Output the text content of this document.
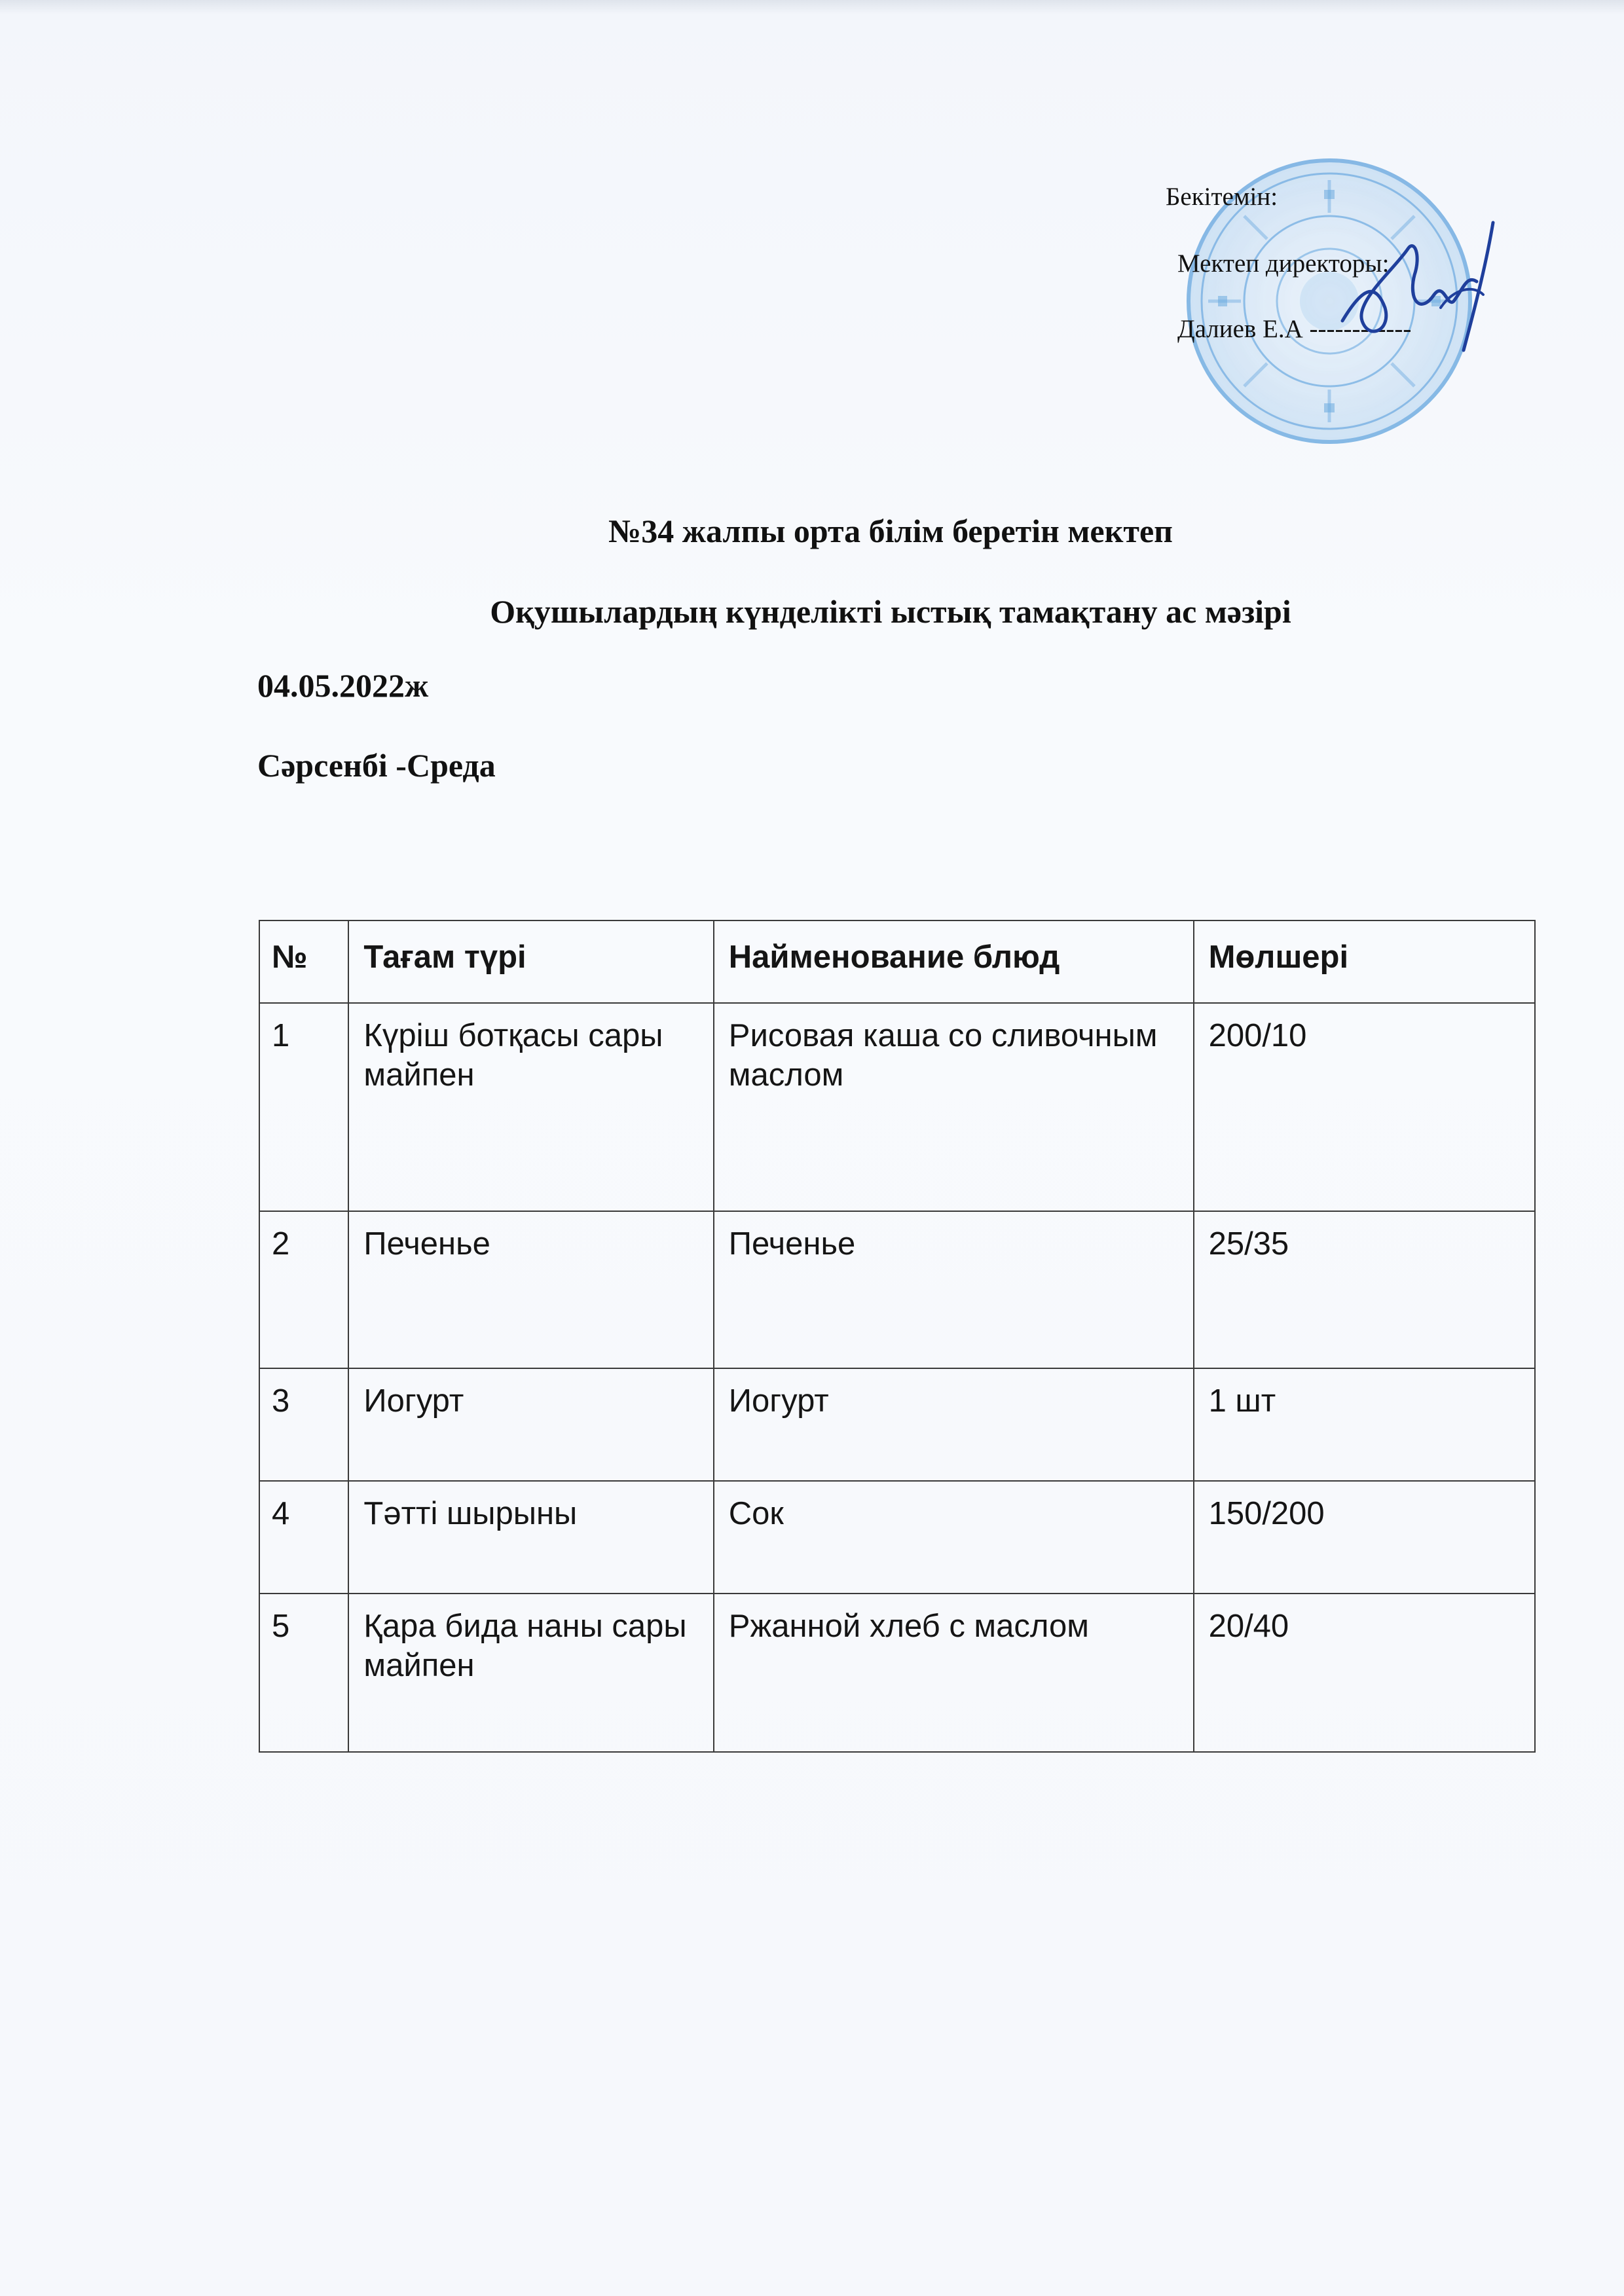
Бекітемін:
Мектеп директоры:
Далиев Е.А ------------
№34 жалпы орта білім беретін мектеп
Оқушылардың күнделікті ыстық тамақтану ас мәзірі
04.05.2022ж
Сәрсенбі -Среда
№	Тағам түрі	Найменование блюд	Мөлшері
1	Күріш ботқасы сары майпен	Рисовая каша со сливочным маслом	200/10
2	Печенье	Печенье	25/35
3	Иогурт	Иогурт	1 шт
4	Тәтті шырыны	Сок	150/200
5	Қара бида наны сары майпен	Ржанной хлеб с маслом	20/40
